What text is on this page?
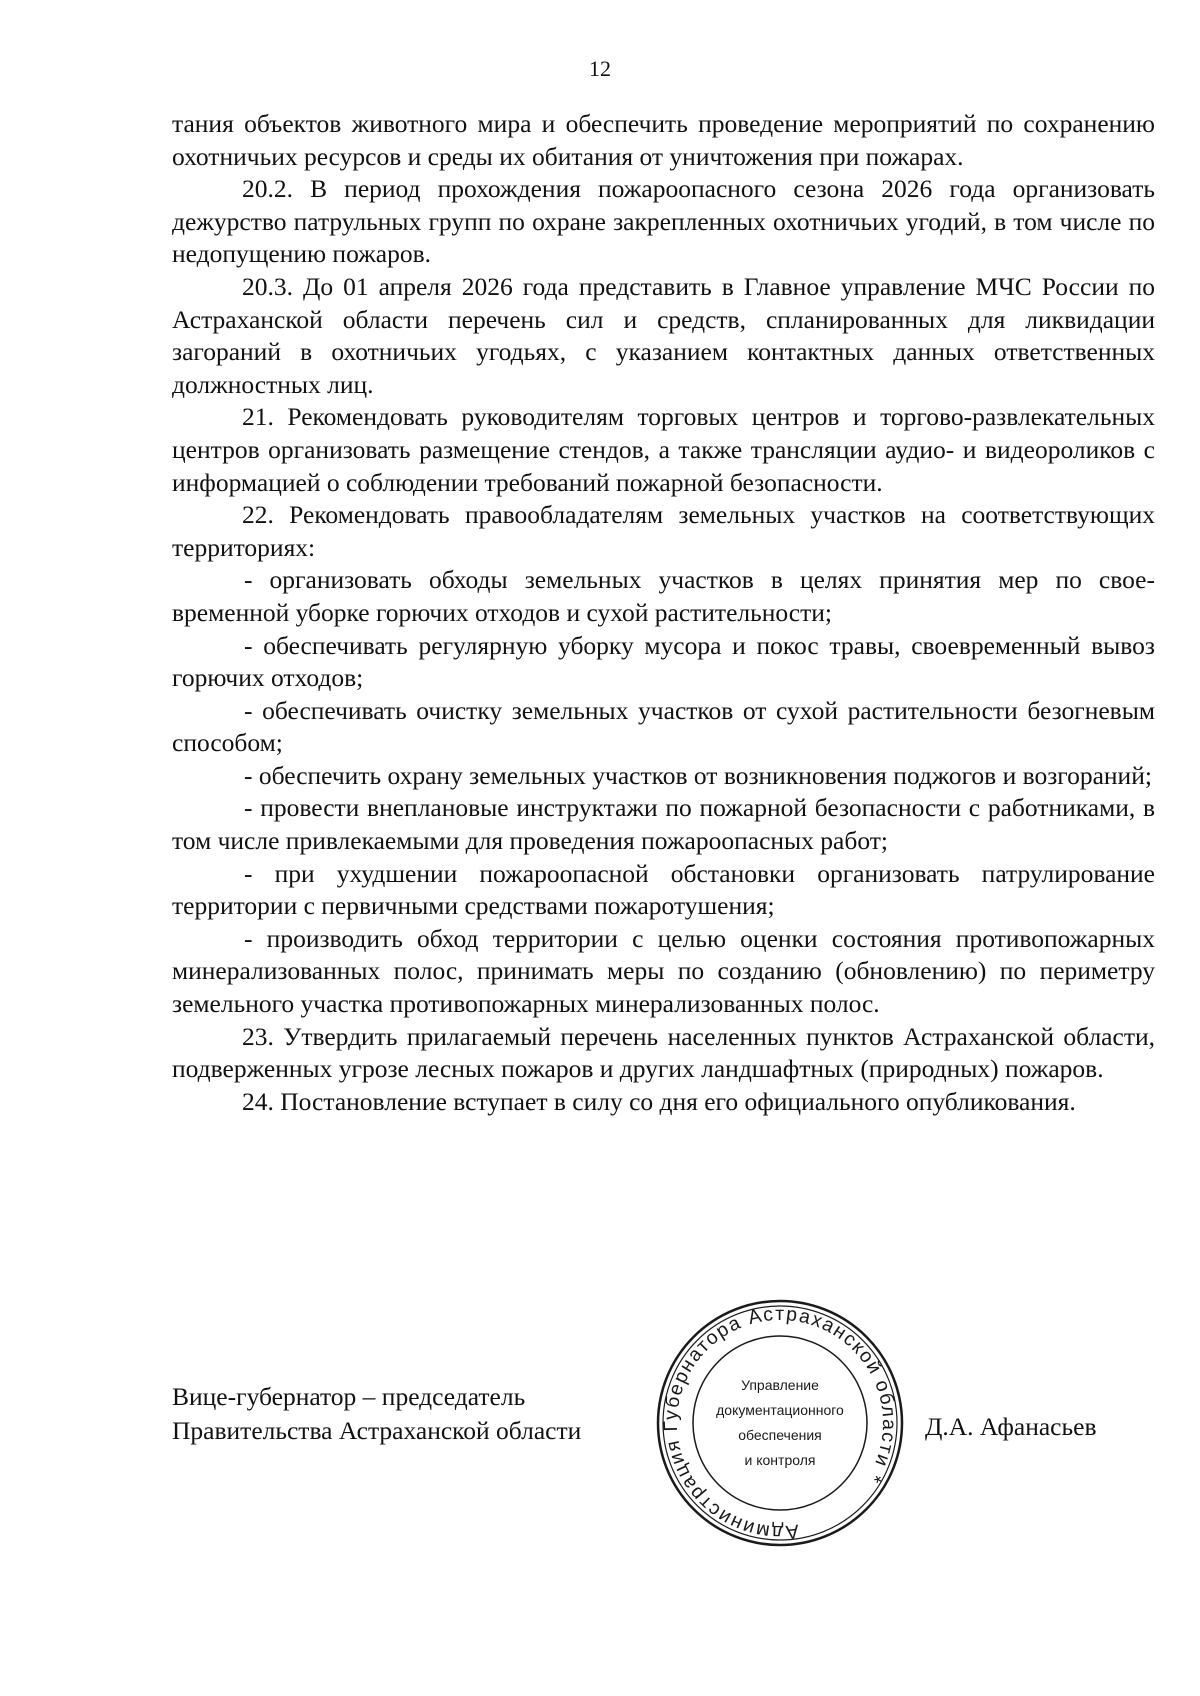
12

тания объектов животного мира и обеспечить проведение мероприятий по сохранению охотничьих ресурсов и среды их обитания от уничтожения при пожарах.

20.2. В период прохождения пожароопасного сезона 2026 года организовать дежурство патрульных групп по охране закрепленных охотничьих угодий, в том числе по недопущению пожаров.

20.3. До 01 апреля 2026 года представить в Главное управление МЧС России по Астраханской области перечень сил и средств, спланированных для ликвидации загораний в охотничьих угодьях, с указанием контактных данных ответственных должностных лиц.

21. Рекомендовать руководителям торговых центров и торгово-развлекательных центров организовать размещение стендов, а также трансляции аудио- и видеороликов с информацией о соблюдении требований пожарной безопасности.

22. Рекомендовать правообладателям земельных участков на соответствующих территориях:

- организовать обходы земельных участков в целях принятия мер по своевременной уборке горючих отходов и сухой растительности;

- обеспечивать регулярную уборку мусора и покос травы, своевременный вывоз горючих отходов;

- обеспечивать очистку земельных участков от сухой растительности безогневым способом;

- обеспечить охрану земельных участков от возникновения поджогов и возгораний;

- провести внеплановые инструктажи по пожарной безопасности с работниками, в том числе привлекаемыми для проведения пожароопасных работ;

- при ухудшении пожароопасной обстановки организовать патрулирование территории с первичными средствами пожаротушения;

- производить обход территории с целью оценки состояния противопожарных минерализованных полос, принимать меры по созданию (обновлению) по периметру земельного участка противопожарных минерализованных полос.

23. Утвердить прилагаемый перечень населенных пунктов Астраханской области, подверженных угрозе лесных пожаров и других ландшафтных (природных) пожаров.

24. Постановление вступает в силу со дня его официального опубликования.

Вице-губернатор – председатель
Правительства Астраханской области
Администрация Губернатора Астраханской области *
Управление
документационного
обеспечения
и контроля
Д.А. Афанасьев
